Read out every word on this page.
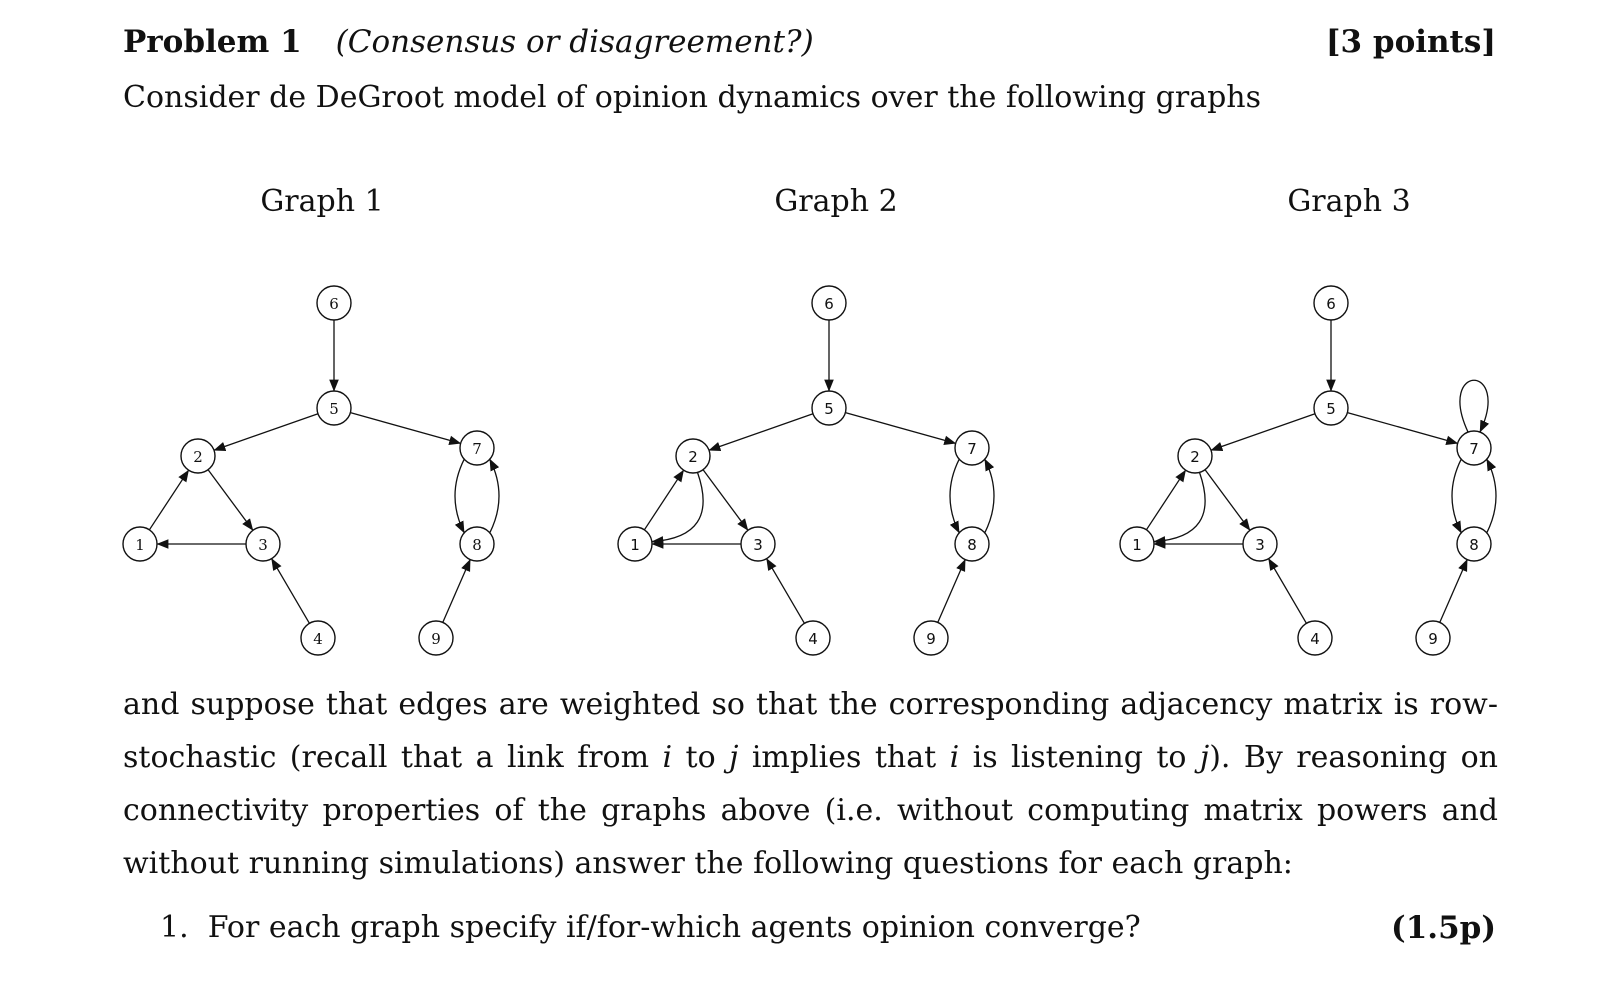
Problem 1 (Consensus or disagreement?)	[3 points]
Consider de DeGroot model of opinion dynamics over the following graphs
Graph 1	Graph 2	Graph 3
1
2
3
4
5
6
7
8
9
1
2
3
4
5
6
7
8
9
1
2
3
4
5
6
7
8
9
and suppose that edges are weighted so that the corresponding adjacency matrix is row-stochastic (recall that a link from i to j implies that i is listening to j). By reasoning on connectivity properties of the graphs above (i.e. without computing matrix powers and without running simulations) answer the following questions for each graph:
1. For each graph specify if/for-which agents opinion converge?	(1.5p)
